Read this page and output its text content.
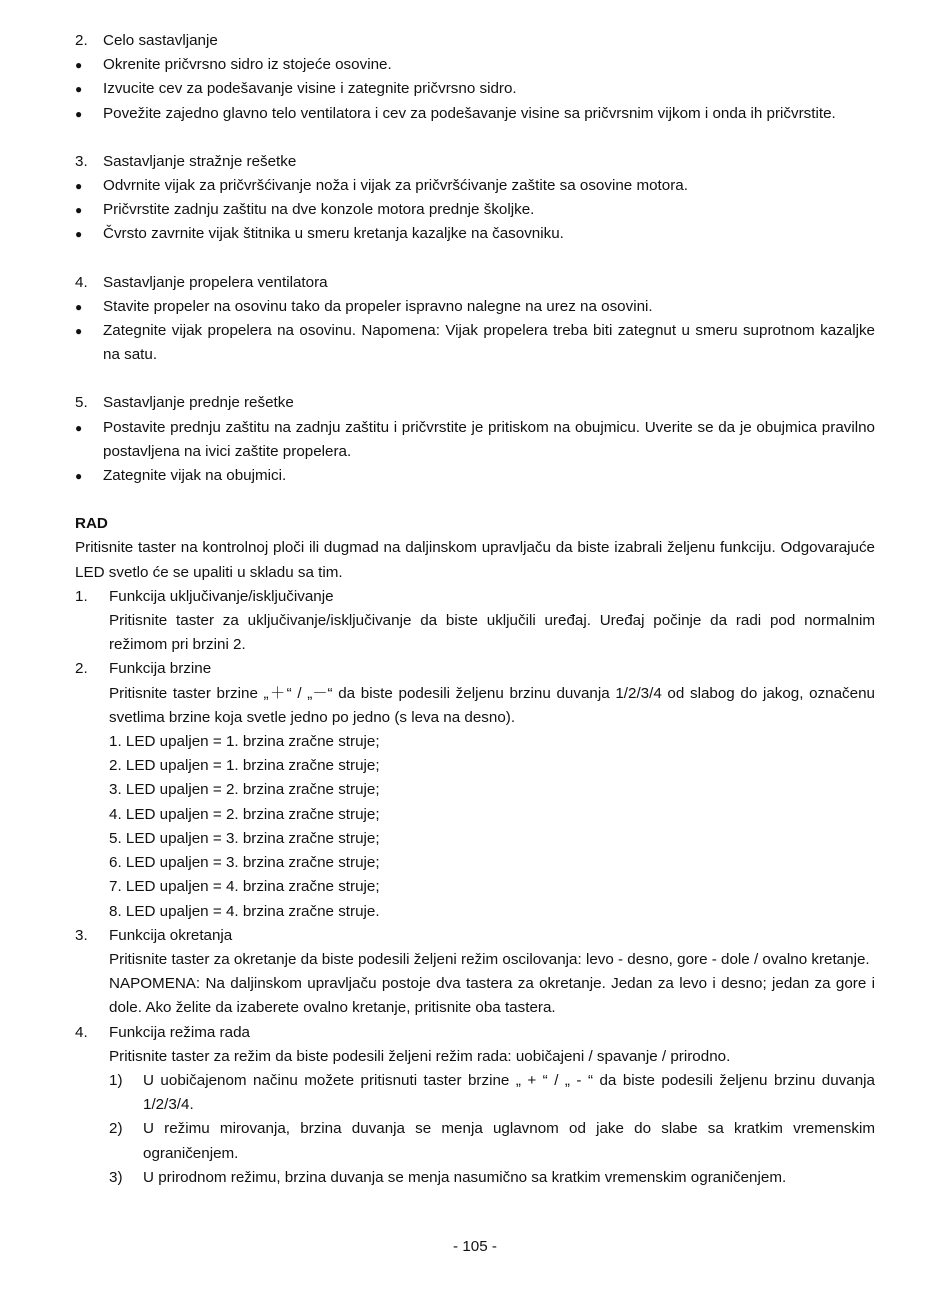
2.	Celo sastavljanje
●	Okrenite pričvrsno sidro iz stojeće osovine.
●	Izvucite cev za podešavanje visine i zategnite pričvrsno sidro.
●	Povežite zajedno glavno telo ventilatora i cev za podešavanje visine sa pričvrsnim vijkom i onda ih pričvrstite.
3.	Sastavljanje stražnje rešetke
●	Odvrnite vijak za pričvršćivanje noža i vijak za pričvršćivanje zaštite sa osovine motora.
●	Pričvrstite zadnju zaštitu na dve konzole motora prednje školjke.
●	Čvrsto zavrnite vijak štitnika u smeru kretanja kazaljke na časovniku.
4.	Sastavljanje propelera ventilatora
●	Stavite propeler na osovinu tako da propeler ispravno nalegne na urez na osovini.
●	Zategnite vijak propelera na osovinu. Napomena: Vijak propelera treba biti zategnut u smeru suprotnom kazaljke na satu.
5.	Sastavljanje prednje rešetke
●	Postavite prednju zaštitu na zadnju zaštitu i pričvrstite je pritiskom na obujmicu. Uverite se da je obujmica pravilno postavljena na ivici zaštite propelera.
●	Zategnite vijak na obujmici.
RAD
Pritisnite taster na kontrolnoj ploči ili dugmad na daljinskom upravljaču da biste izabrali željenu funkciju. Odgovarajuće LED svetlo će se upaliti u skladu sa tim.
1.	Funkcija uključivanje/isključivanje
Pritisnite taster za uključivanje/isključivanje da biste uključili uređaj. Uređaj počinje da radi pod normalnim režimom pri brzini 2.
2.	Funkcija brzine
Pritisnite taster brzine „＋“ / „－“ da biste podesili željenu brzinu duvanja 1/2/3/4 od slabog do jakog, označenu svetlima brzine koja svetle jedno po jedno (s leva na desno).
1. LED upaljen = 1. brzina zračne struje;
2. LED upaljen = 1. brzina zračne struje;
3. LED upaljen = 2. brzina zračne struje;
4. LED upaljen = 2. brzina zračne struje;
5. LED upaljen = 3. brzina zračne struje;
6. LED upaljen = 3. brzina zračne struje;
7. LED upaljen = 4. brzina zračne struje;
8. LED upaljen = 4. brzina zračne struje.
3.	Funkcija okretanja
Pritisnite taster za okretanje da biste podesili željeni režim oscilovanja: levo - desno, gore - dole / ovalno kretanje.
NAPOMENA: Na daljinskom upravljaču postoje dva tastera za okretanje. Jedan za levo i desno; jedan za gore i dole. Ako želite da izaberete ovalno kretanje, pritisnite oba tastera.
4.	Funkcija režima rada
Pritisnite taster za režim da biste podesili željeni režim rada: uobičajeni / spavanje / prirodno.
1)	U uobičajenom načinu možete pritisnuti taster brzine „ + “ / „ - “ da biste podesili željenu brzinu duvanja 1/2/3/4.
2)	U režimu mirovanja, brzina duvanja se menja uglavnom od jake do slabe sa kratkim vremenskim ograničenjem.
3)	U prirodnom režimu, brzina duvanja se menja nasumično sa kratkim vremenskim ograničenjem.
- 105 -
